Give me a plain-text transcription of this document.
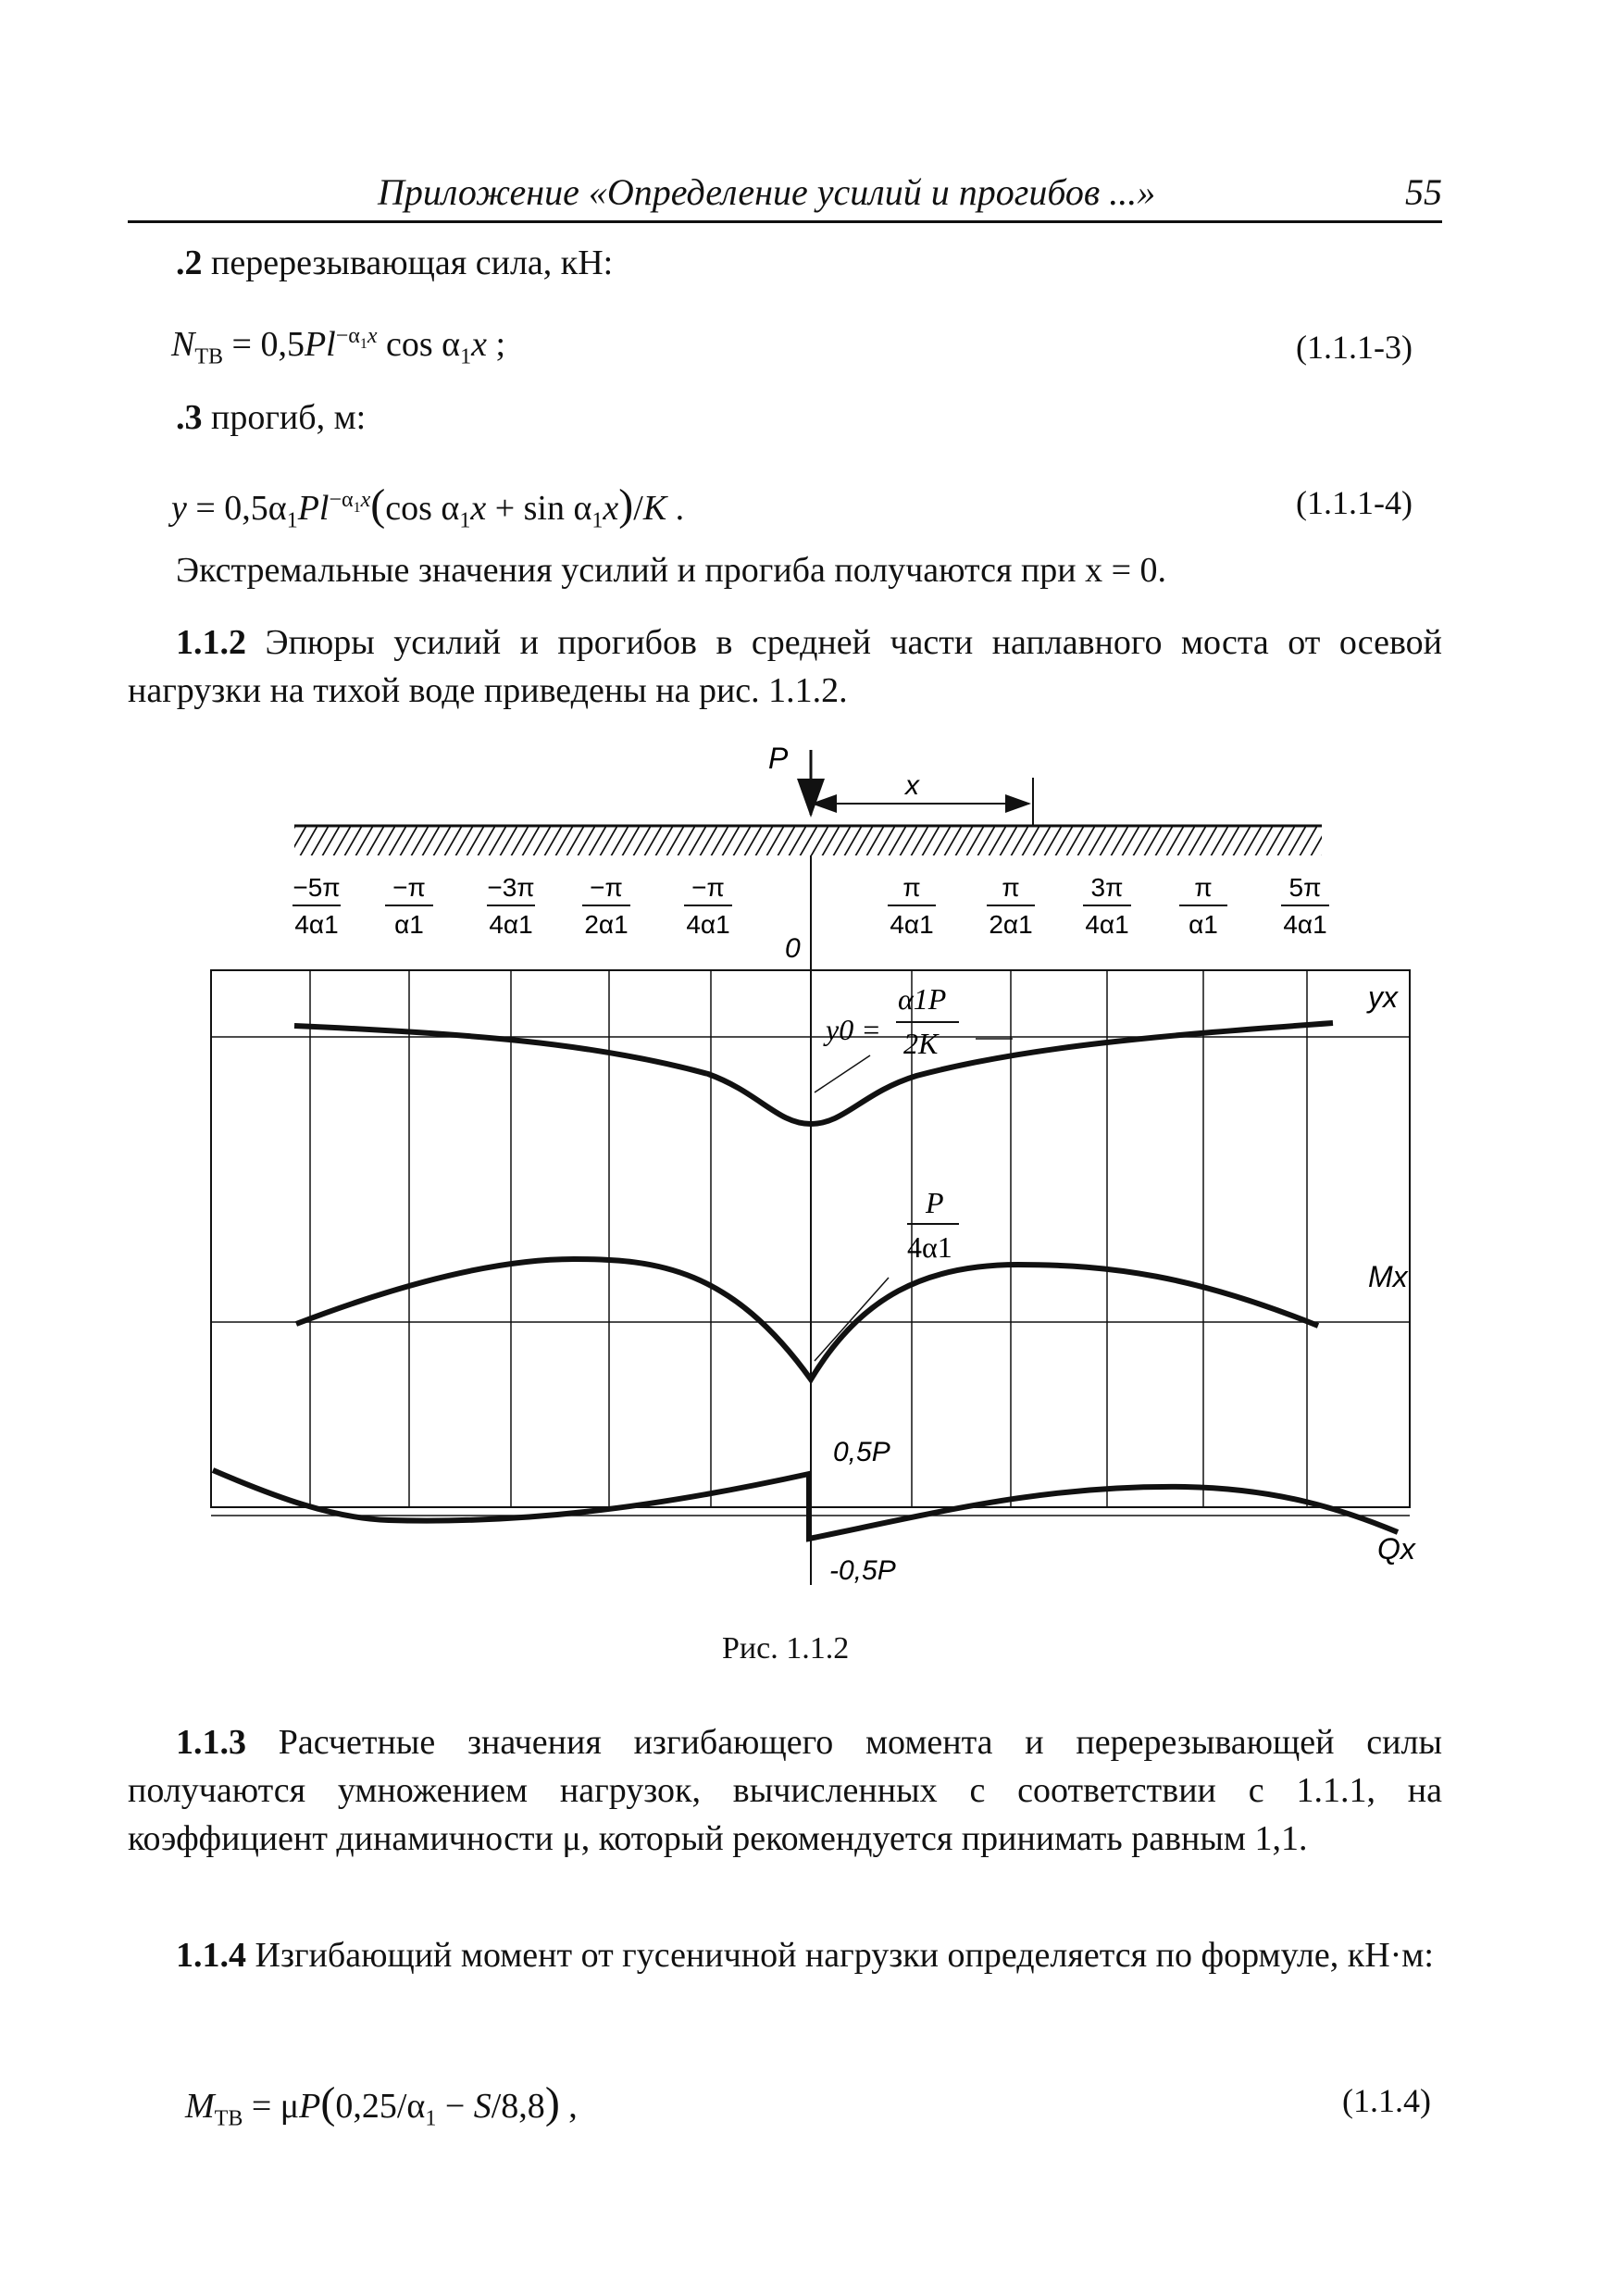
Приложение «Определение усилий и прогибов ...»	55
.2 перерезывающая сила, кН:
$N_{ТВ} = 0,5Pl^{-\alpha_1x}$ $\cos \alpha_1x$ ;	(1.1.1-3)
.3 прогиб, м:
$y = 0,5\alpha_1Pl^{-\alpha_1x}(\cos$ $\alpha_1x + \sin \alpha_1x)/K$ .	(1.1.1-4)
Экстремальные значения усилий и прогиба получаются при x = 0.
1.1.2 Эпюры усилий и прогибов в средней части наплавного моста от осевой нагрузки на тихой воде приведены на рис. 1.1.2.
P
x
−5π
4α1
−π
α1
−3π
4α1
−π
2α1
−π
4α1
π
4α1
π
2α1
3π
4α1
π
α1
5π
4α1
0
y0 =
α1P
2K
yx
P
4α1
Mx
0,5P
-0,5P
Qx
Рис. 1.1.2
1.1.3 Расчетные значения изгибающего момента и перерезывающей силы получаются умножением нагрузок, вычисленных с соответствии с 1.1.1, на коэффициент динамичности μ, который рекомендуется принимать равным 1,1.
1.1.4 Изгибающий момент от гусеничной нагрузки определяется по формуле, кН·м:
$M_{ТВ} = \mu P(0,25/\alpha_1 - S/8,8)$ ,	(1.1.4)
